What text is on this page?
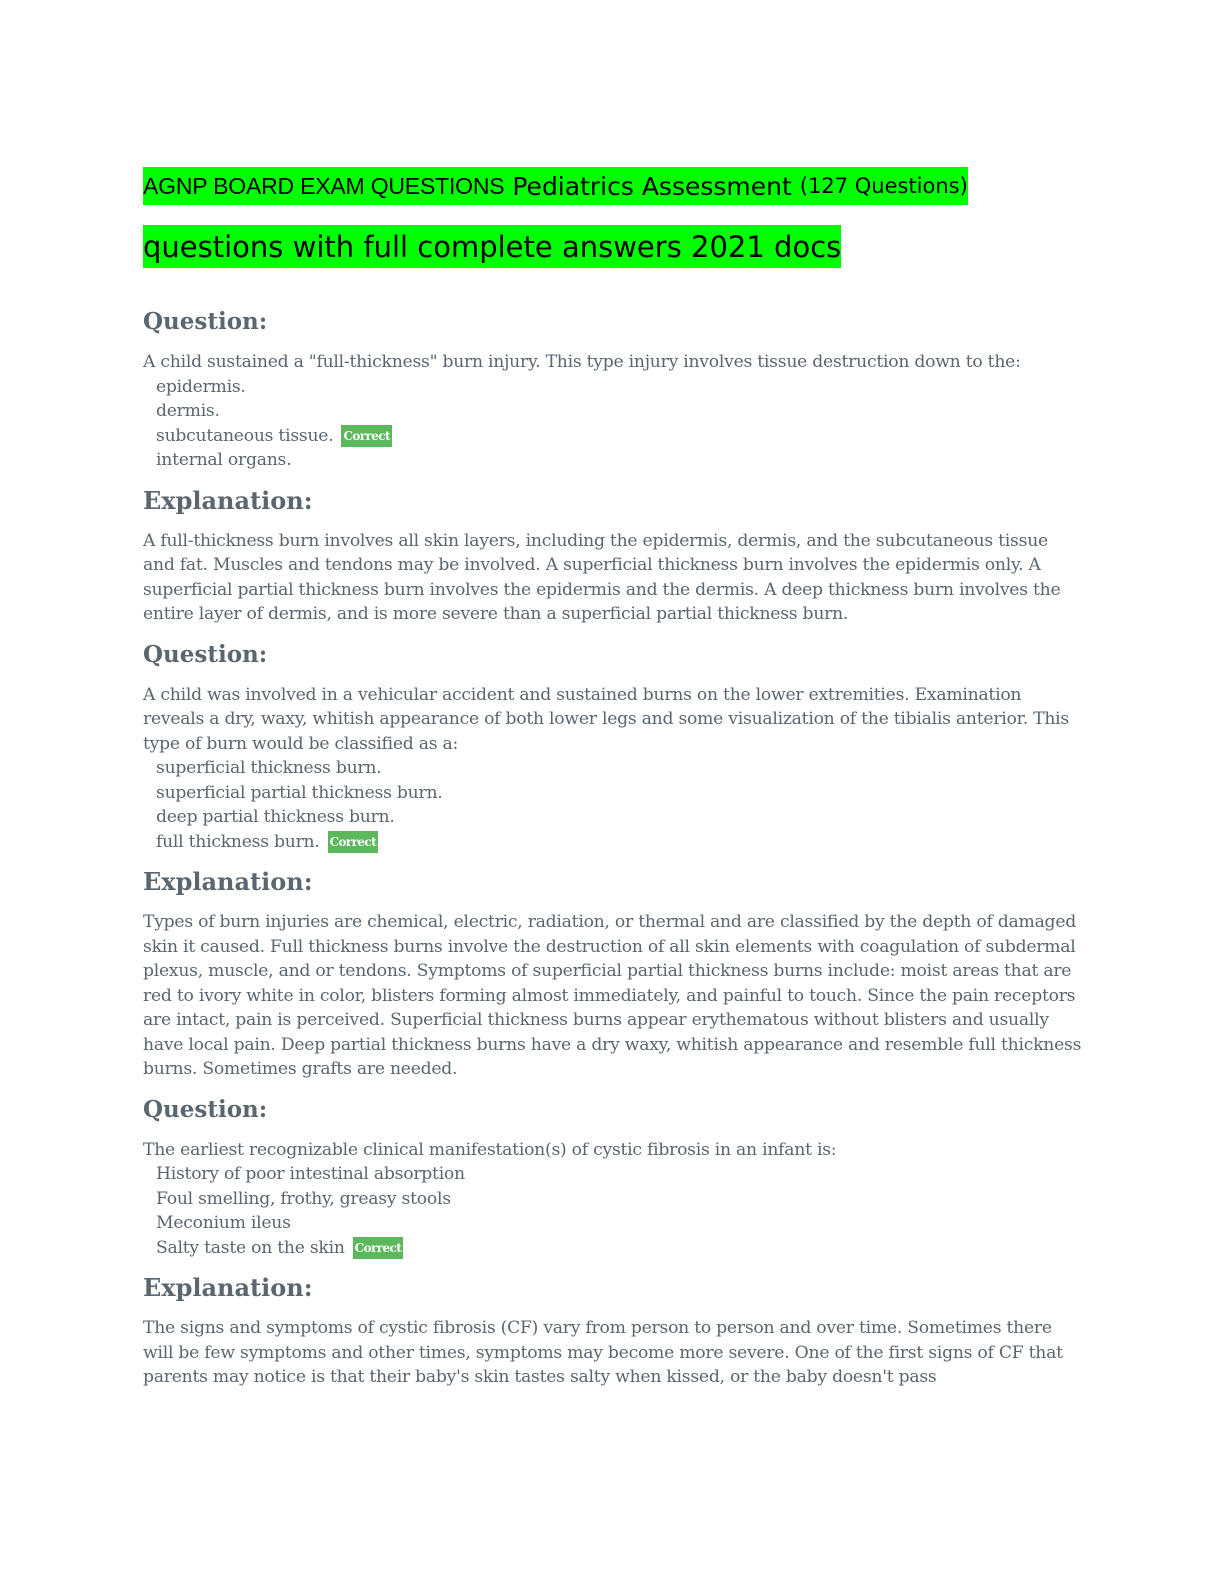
AGNP BOARD EXAM QUESTIONS Pediatrics Assessment (127 Questions)
questions with full complete answers 2021 docs
Question:

A child sustained a "full-thickness" burn injury. This type injury involves tissue destruction down to the:

epidermis.
dermis.
subcutaneous tissue. Correct
internal organs.
Explanation:

A full-thickness burn involves all skin layers, including the epidermis, dermis, and the subcutaneous tissue and fat. Muscles and tendons may be involved. A superficial thickness burn involves the epidermis only. A superficial partial thickness burn involves the epidermis and the dermis. A deep thickness burn involves the entire layer of dermis, and is more severe than a superficial partial thickness burn.

Question:

A child was involved in a vehicular accident and sustained burns on the lower extremities. Examination reveals a dry, waxy, whitish appearance of both lower legs and some visualization of the tibialis anterior. This type of burn would be classified as a:

superficial thickness burn.
superficial partial thickness burn.
deep partial thickness burn.
full thickness burn. Correct
Explanation:

Types of burn injuries are chemical, electric, radiation, or thermal and are classified by the depth of damaged skin it caused. Full thickness burns involve the destruction of all skin elements with coagulation of subdermal plexus, muscle, and or tendons. Symptoms of superficial partial thickness burns include: moist areas that are red to ivory white in color, blisters forming almost immediately, and painful to touch. Since the pain receptors are intact, pain is perceived. Superficial thickness burns appear erythematous without blisters and usually have local pain. Deep partial thickness burns have a dry waxy, whitish appearance and resemble full thickness burns. Sometimes grafts are needed.

Question:

The earliest recognizable clinical manifestation(s) of cystic fibrosis in an infant is:

History of poor intestinal absorption
Foul smelling, frothy, greasy stools
Meconium ileus
Salty taste on the skin Correct
Explanation:

The signs and symptoms of cystic fibrosis (CF) vary from person to person and over time. Sometimes there will be few symptoms and other times, symptoms may become more severe. One of the first signs of CF that parents may notice is that their baby's skin tastes salty when kissed, or the baby doesn't pass
